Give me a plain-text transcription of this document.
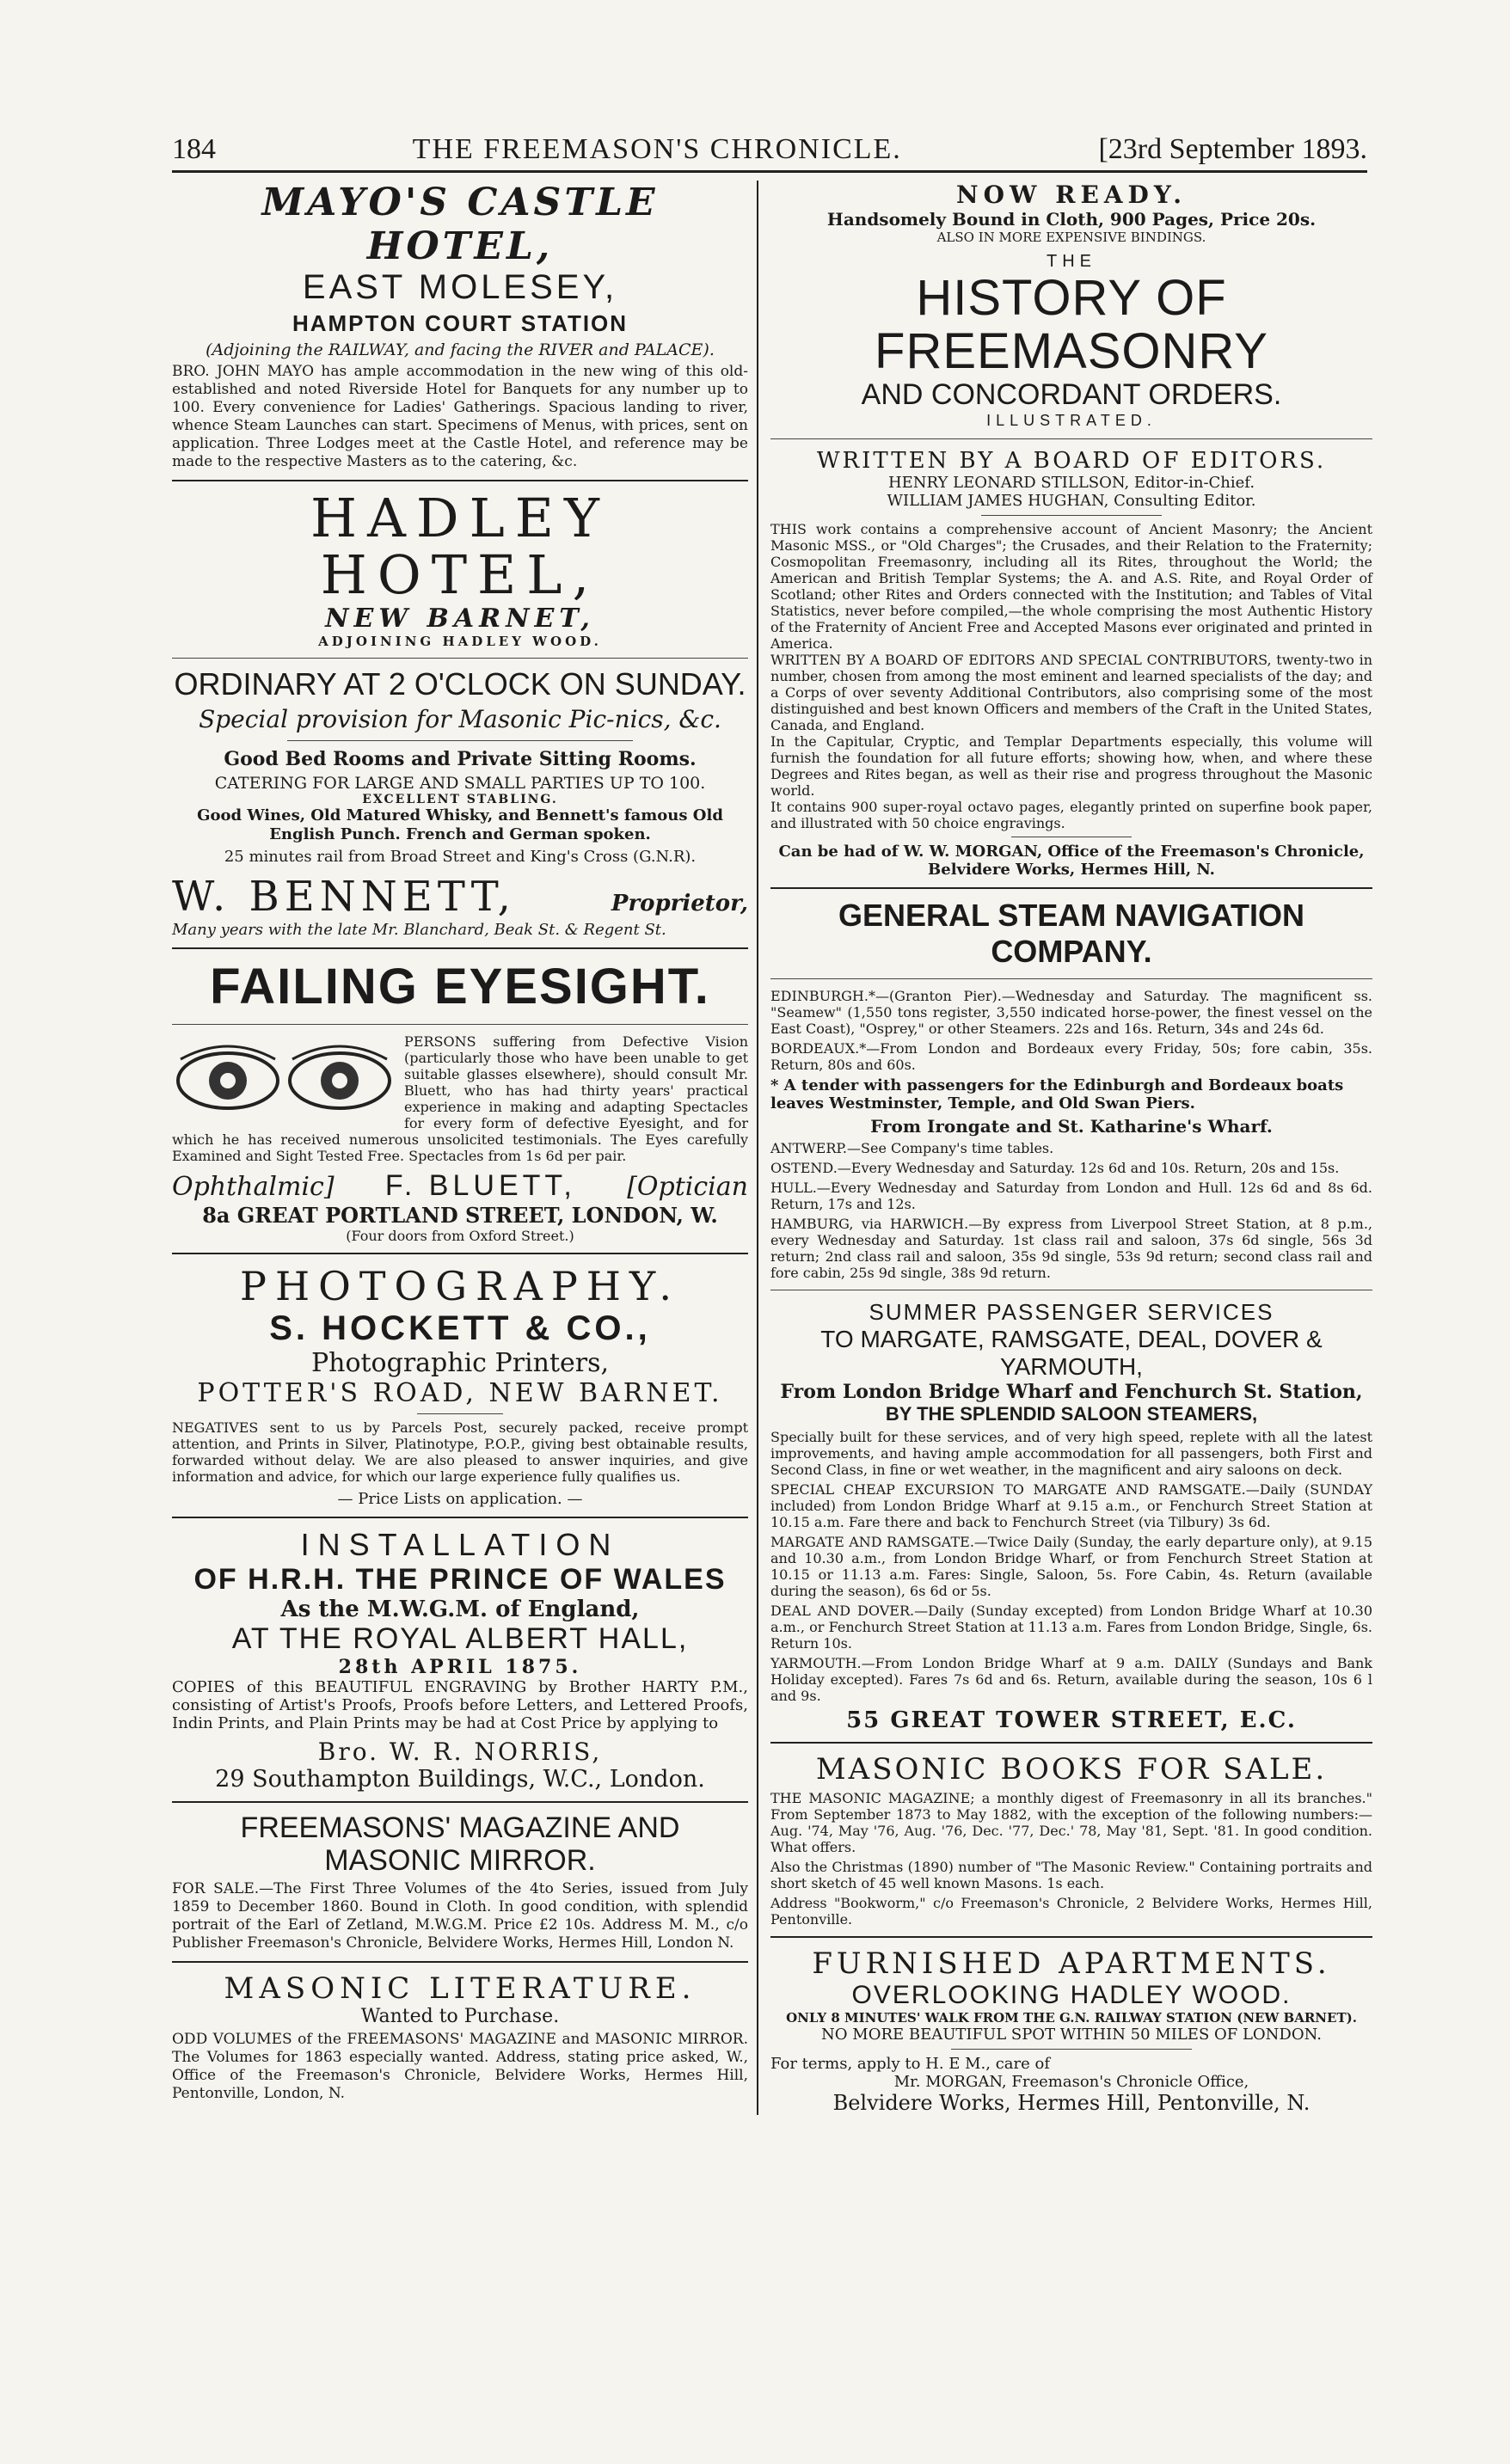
184	THE FREEMASON'S CHRONICLE.	[23rd September 1893.
MAYO'S CASTLE HOTEL,
EAST MOLESEY,
HAMPTON COURT STATION
(Adjoining the RAILWAY, and facing the RIVER and PALACE).
BRO. JOHN MAYO has ample accommodation in the new wing of this old-established and noted Riverside Hotel for Banquets for any number up to 100. Every convenience for Ladies' Gatherings. Spacious landing to river, whence Steam Launches can start. Specimens of Menus, with prices, sent on application. Three Lodges meet at the Castle Hotel, and reference may be made to the respective Masters as to the catering, &c.
HADLEY HOTEL,
NEW BARNET,
ADJOINING HADLEY WOOD.
ORDINARY AT 2 O'CLOCK ON SUNDAY.
Special provision for Masonic Pic-nics, &c.
Good Bed Rooms and Private Sitting Rooms.
CATERING FOR LARGE AND SMALL PARTIES UP TO 100.
EXCELLENT STABLING.
Good Wines, Old Matured Whisky, and Bennett's famous Old English Punch. French and German spoken.
25 minutes rail from Broad Street and King's Cross (G.N.R).
W. BENNETT,	Proprietor,
Many years with the late Mr. Blanchard, Beak St. & Regent St.
FAILING EYESIGHT.
PERSONS suffering from Defective Vision (particularly those who have been unable to get suitable glasses elsewhere), should consult Mr. Bluett, who has had thirty years' practical experience in making and adapting Spectacles for every form of defective Eyesight, and for which he has received numerous unsolicited testimonials. The Eyes carefully Examined and Sight Tested Free. Spectacles from 1s 6d per pair.
Ophthalmic] F. BLUETT, [Optician
8a GREAT PORTLAND STREET, LONDON, W.
(Four doors from Oxford Street.)
PHOTOGRAPHY.
S. HOCKETT & CO.,
Photographic Printers,
POTTER'S ROAD, NEW BARNET.
NEGATIVES sent to us by Parcels Post, securely packed, receive prompt attention, and Prints in Silver, Platinotype, P.O.P., giving best obtainable results, forwarded without delay. We are also pleased to answer inquiries, and give information and advice, for which our large experience fully qualifies us.
— Price Lists on application. —
INSTALLATION
OF H.R.H. THE PRINCE OF WALES
As the M.W.G.M. of England,
AT THE ROYAL ALBERT HALL,
28th APRIL 1875.
COPIES of this BEAUTIFUL ENGRAVING by Brother HARTY P.M., consisting of Artist's Proofs, Proofs before Letters, and Lettered Proofs, Indin Prints, and Plain Prints may be had at Cost Price by applying to
Bro. W. R. NORRIS,
29 Southampton Buildings, W.C., London.
FREEMASONS' MAGAZINE AND MASONIC MIRROR.
FOR SALE.—The First Three Volumes of the 4to Series, issued from July 1859 to December 1860. Bound in Cloth. In good condition, with splendid portrait of the Earl of Zetland, M.W.G.M. Price £2 10s. Address M. M., c/o Publisher Freemason's Chronicle, Belvidere Works, Hermes Hill, London N.
MASONIC LITERATURE.
Wanted to Purchase.
ODD VOLUMES of the FREEMASONS' MAGAZINE and MASONIC MIRROR. The Volumes for 1863 especially wanted. Address, stating price asked, W., Office of the Freemason's Chronicle, Belvidere Works, Hermes Hill, Pentonville, London, N.
NOW READY.
Handsomely Bound in Cloth, 900 Pages, Price 20s.
ALSO IN MORE EXPENSIVE BINDINGS.
THE
HISTORY OF FREEMASONRY
AND CONCORDANT ORDERS.
ILLUSTRATED.
WRITTEN BY A BOARD OF EDITORS.
HENRY LEONARD STILLSON, Editor-in-Chief.
WILLIAM JAMES HUGHAN, Consulting Editor.
THIS work contains a comprehensive account of Ancient Masonry; the Ancient Masonic MSS., or "Old Charges"; the Crusades, and their Relation to the Fraternity; Cosmopolitan Freemasonry, including all its Rites, throughout the World; the American and British Templar Systems; the A. and A.S. Rite, and Royal Order of Scotland; other Rites and Orders connected with the Institution; and Tables of Vital Statistics, never before compiled,—the whole comprising the most Authentic History of the Fraternity of Ancient Free and Accepted Masons ever originated and printed in America.
WRITTEN BY A BOARD OF EDITORS AND SPECIAL CONTRIBUTORS, twenty-two in number, chosen from among the most eminent and learned specialists of the day; and a Corps of over seventy Additional Contributors, also comprising some of the most distinguished and best known Officers and members of the Craft in the United States, Canada, and England.
In the Capitular, Cryptic, and Templar Departments especially, this volume will furnish the foundation for all future efforts; showing how, when, and where these Degrees and Rites began, as well as their rise and progress throughout the Masonic world.
It contains 900 super-royal octavo pages, elegantly printed on superfine book paper, and illustrated with 50 choice engravings.
Can be had of W. W. MORGAN, Office of the Freemason's Chronicle, Belvidere Works, Hermes Hill, N.
GENERAL STEAM NAVIGATION COMPANY.
EDINBURGH.*—(Granton Pier).—Wednesday and Saturday. The magnificent ss. "Seamew" (1,550 tons register, 3,550 indicated horse-power, the finest vessel on the East Coast), "Osprey," or other Steamers. 22s and 16s. Return, 34s and 24s 6d.
BORDEAUX.*—From London and Bordeaux every Friday, 50s; fore cabin, 35s. Return, 80s and 60s.
* A tender with passengers for the Edinburgh and Bordeaux boats leaves Westminster, Temple, and Old Swan Piers.
From Irongate and St. Katharine's Wharf.
ANTWERP.—See Company's time tables.
OSTEND.—Every Wednesday and Saturday. 12s 6d and 10s. Return, 20s and 15s.
HULL.—Every Wednesday and Saturday from London and Hull. 12s 6d and 8s 6d. Return, 17s and 12s.
HAMBURG, via HARWICH.—By express from Liverpool Street Station, at 8 p.m., every Wednesday and Saturday. 1st class rail and saloon, 37s 6d single, 56s 3d return; 2nd class rail and saloon, 35s 9d single, 53s 9d return; second class rail and fore cabin, 25s 9d single, 38s 9d return.
SUMMER PASSENGER SERVICES
TO MARGATE, RAMSGATE, DEAL, DOVER & YARMOUTH,
From London Bridge Wharf and Fenchurch St. Station,
BY THE SPLENDID SALOON STEAMERS,
Specially built for these services, and of very high speed, replete with all the latest improvements, and having ample accommodation for all passengers, both First and Second Class, in fine or wet weather, in the magnificent and airy saloons on deck.
SPECIAL CHEAP EXCURSION TO MARGATE AND RAMSGATE.—Daily (SUNDAY included) from London Bridge Wharf at 9.15 a.m., or Fenchurch Street Station at 10.15 a.m. Fare there and back to Fenchurch Street (via Tilbury) 3s 6d.
MARGATE AND RAMSGATE.—Twice Daily (Sunday, the early departure only), at 9.15 and 10.30 a.m., from London Bridge Wharf, or from Fenchurch Street Station at 10.15 or 11.13 a.m. Fares: Single, Saloon, 5s. Fore Cabin, 4s. Return (available during the season), 6s 6d or 5s.
DEAL AND DOVER.—Daily (Sunday excepted) from London Bridge Wharf at 10.30 a.m., or Fenchurch Street Station at 11.13 a.m. Fares from London Bridge, Single, 6s. Return 10s.
YARMOUTH.—From London Bridge Wharf at 9 a.m. DAILY (Sundays and Bank Holiday excepted). Fares 7s 6d and 6s. Return, available during the season, 10s 6 l and 9s.
55 GREAT TOWER STREET, E.C.
MASONIC BOOKS FOR SALE.
THE MASONIC MAGAZINE; a monthly digest of Freemasonry in all its branches." From September 1873 to May 1882, with the exception of the following numbers:—Aug. '74, May '76, Aug. '76, Dec. '77, Dec.' 78, May '81, Sept. '81. In good condition. What offers.
Also the Christmas (1890) number of "The Masonic Review." Containing portraits and short sketch of 45 well known Masons. 1s each.
Address "Bookworm," c/o Freemason's Chronicle, 2 Belvidere Works, Hermes Hill, Pentonville.
FURNISHED APARTMENTS.
OVERLOOKING HADLEY WOOD.
ONLY 8 MINUTES' WALK FROM THE G.N. RAILWAY STATION (NEW BARNET).
NO MORE BEAUTIFUL SPOT WITHIN 50 MILES OF LONDON.
For terms, apply to H. E M., care of
Mr. MORGAN, Freemason's Chronicle Office,
Belvidere Works, Hermes Hill, Pentonville, N.
